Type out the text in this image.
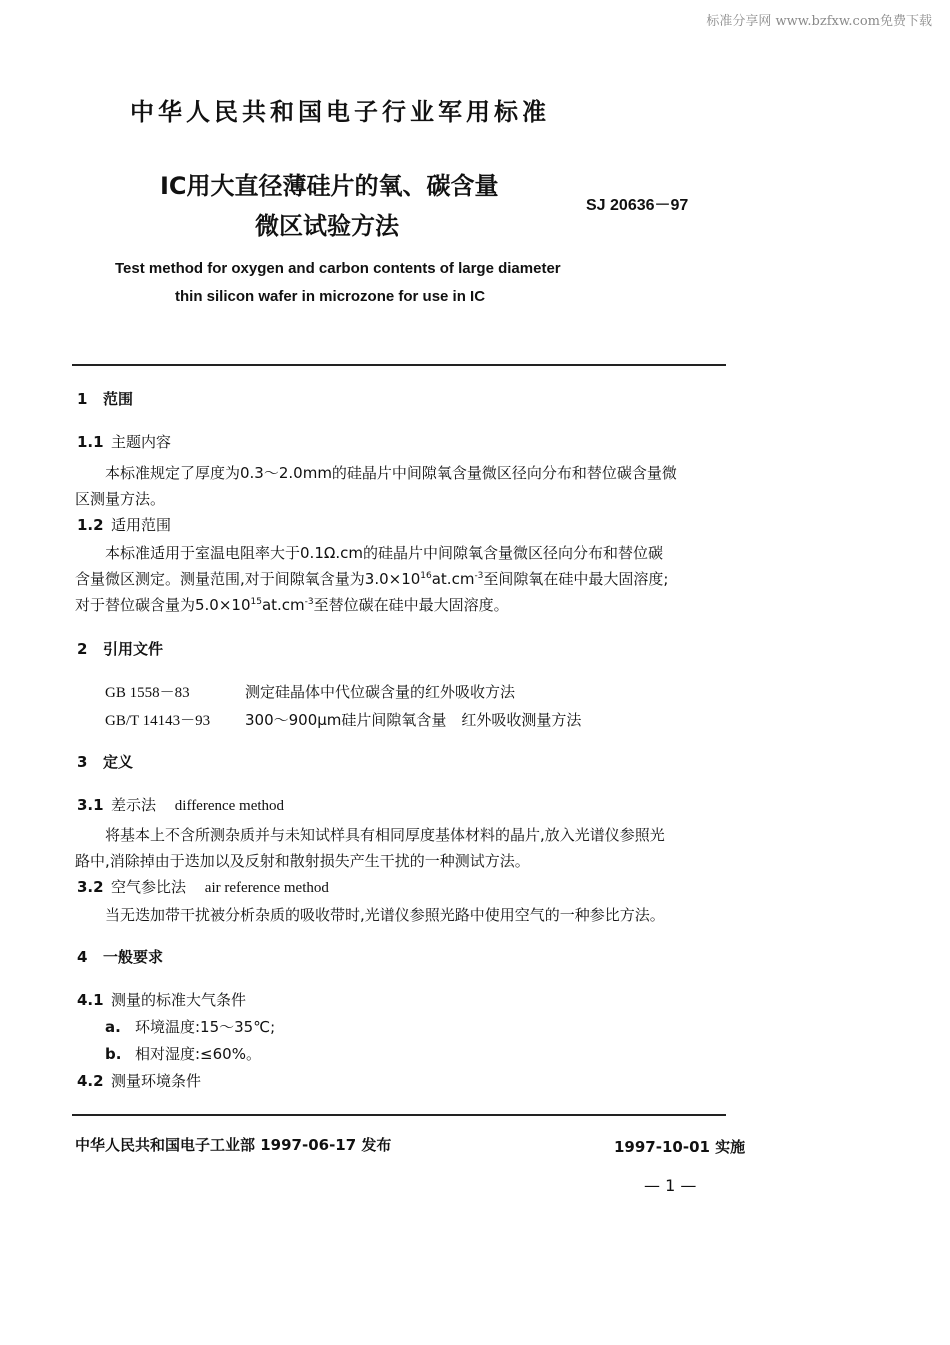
标准分享网 www.bzfxw.com免费下载
中华人民共和国电子行业军用标准
IC用大直径薄硅片的氧、碳含量
微区试验方法
SJ 20636－97
Test method for oxygen and carbon contents of large diameter
thin silicon wafer in microzone for use in IC
1 范围
1.1 主题内容
本标准规定了厚度为0.3～2.0mm的硅晶片中间隙氧含量微区径向分布和替位碳含量微
区测量方法。
1.2 适用范围
本标准适用于室温电阻率大于0.1Ω.cm的硅晶片中间隙氧含量微区径向分布和替位碳
含量微区测定。测量范围,对于间隙氧含量为$3.0\times 10^{16}at.cm^{-3}$至间隙氧在硅中最大固溶度;
对于替位碳含量为$5.0\times 10^{15}at.cm^{-3}$至替位碳在硅中最大固溶度。
2 引用文件
GB 1558－83	测定硅晶体中代位碳含量的红外吸收方法
GB/T 14143－93 300～900μm硅片间隙氧含量　红外吸收测量方法
3 定义
3.1 差示法 difference method
将基本上不含所测杂质并与未知试样具有相同厚度基体材料的晶片,放入光谱仪参照光
路中,消除掉由于迭加以及反射和散射损失产生干扰的一种测试方法。
3.2 空气参比法 air reference method
当无迭加带干扰被分析杂质的吸收带时,光谱仪参照光路中使用空气的一种参比方法。
4 一般要求
4.1 测量的标准大气条件
a. 环境温度:15～35℃;
b. 相对湿度:≤60%。
4.2 测量环境条件
中华人民共和国电子工业部 1997-06-17 发布	1997-10-01 实施
— 1 —
